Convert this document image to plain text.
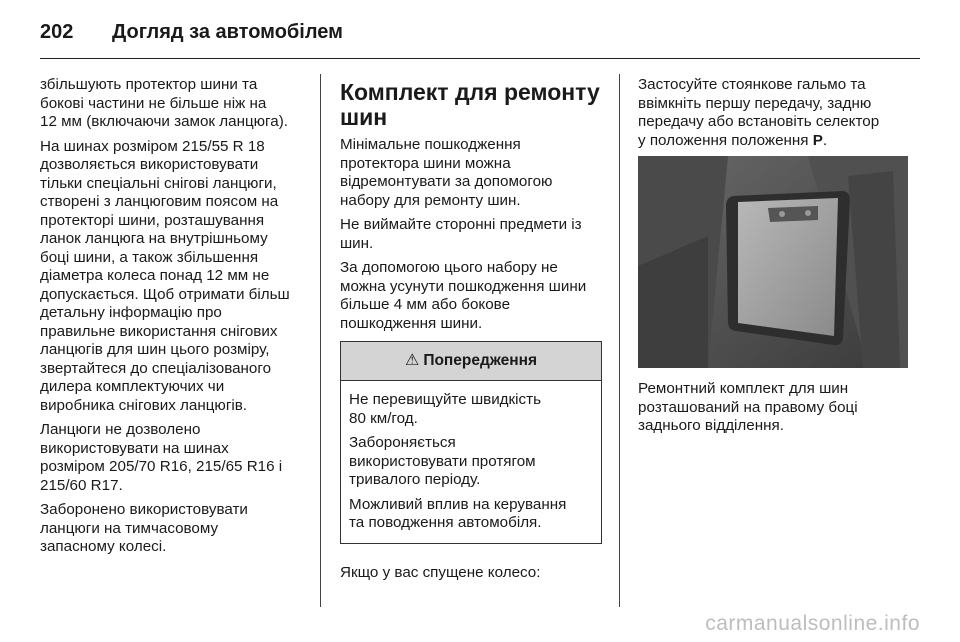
202	Догляд за автомобілем

збільшують протектор шини та
бокові частини не більше ніж на
12 мм (включаючи замок ланцюга).

На шинах розміром 215/55 R 18
дозволяється використовувати
тільки спеціальні снігові ланцюги,
створені з ланцюговим поясом на
протекторі шини, розташування
ланок ланцюга на внутрішньому
боці шини, а також збільшення
діаметра колеса понад 12 мм не
допускається. Щоб отримати більш
детальну інформацію про
правильне використання снігових
ланцюгів для шин цього розміру,
звертайтеся до спеціалізованого
дилера комплектуючих чи
виробника снігових ланцюгів.

Ланцюги не дозволено
використовувати на шинах
розміром 205/70 R16, 215/65 R16 і
215/60 R17.

Заборонено використовувати
ланцюги на тимчасовому
запасному колесі.

Комплект для ремонту
шин

Мінімальне пошкодження
протектора шини можна
відремонтувати за допомогою
набору для ремонту шин.

Не виймайте сторонні предмети із
шин.

За допомогою цього набору не
можна усунути пошкодження шини
більше 4 мм або бокове
пошкодження шини.

⚠ Попередження

Не перевищуйте швидкість
80 км/год.

Забороняється
використовувати протягом
тривалого періоду.

Можливий вплив на керування
та поводження автомобіля.

Якщо у вас спущене колесо:

Застосуйте стоянкове гальмо та
ввімкніть першу передачу, задню
передачу або встановіть селектор
у положення положення P.

Ремонтний комплект для шин
розташований на правому боці
заднього відділення.

carmanualsonline.info
